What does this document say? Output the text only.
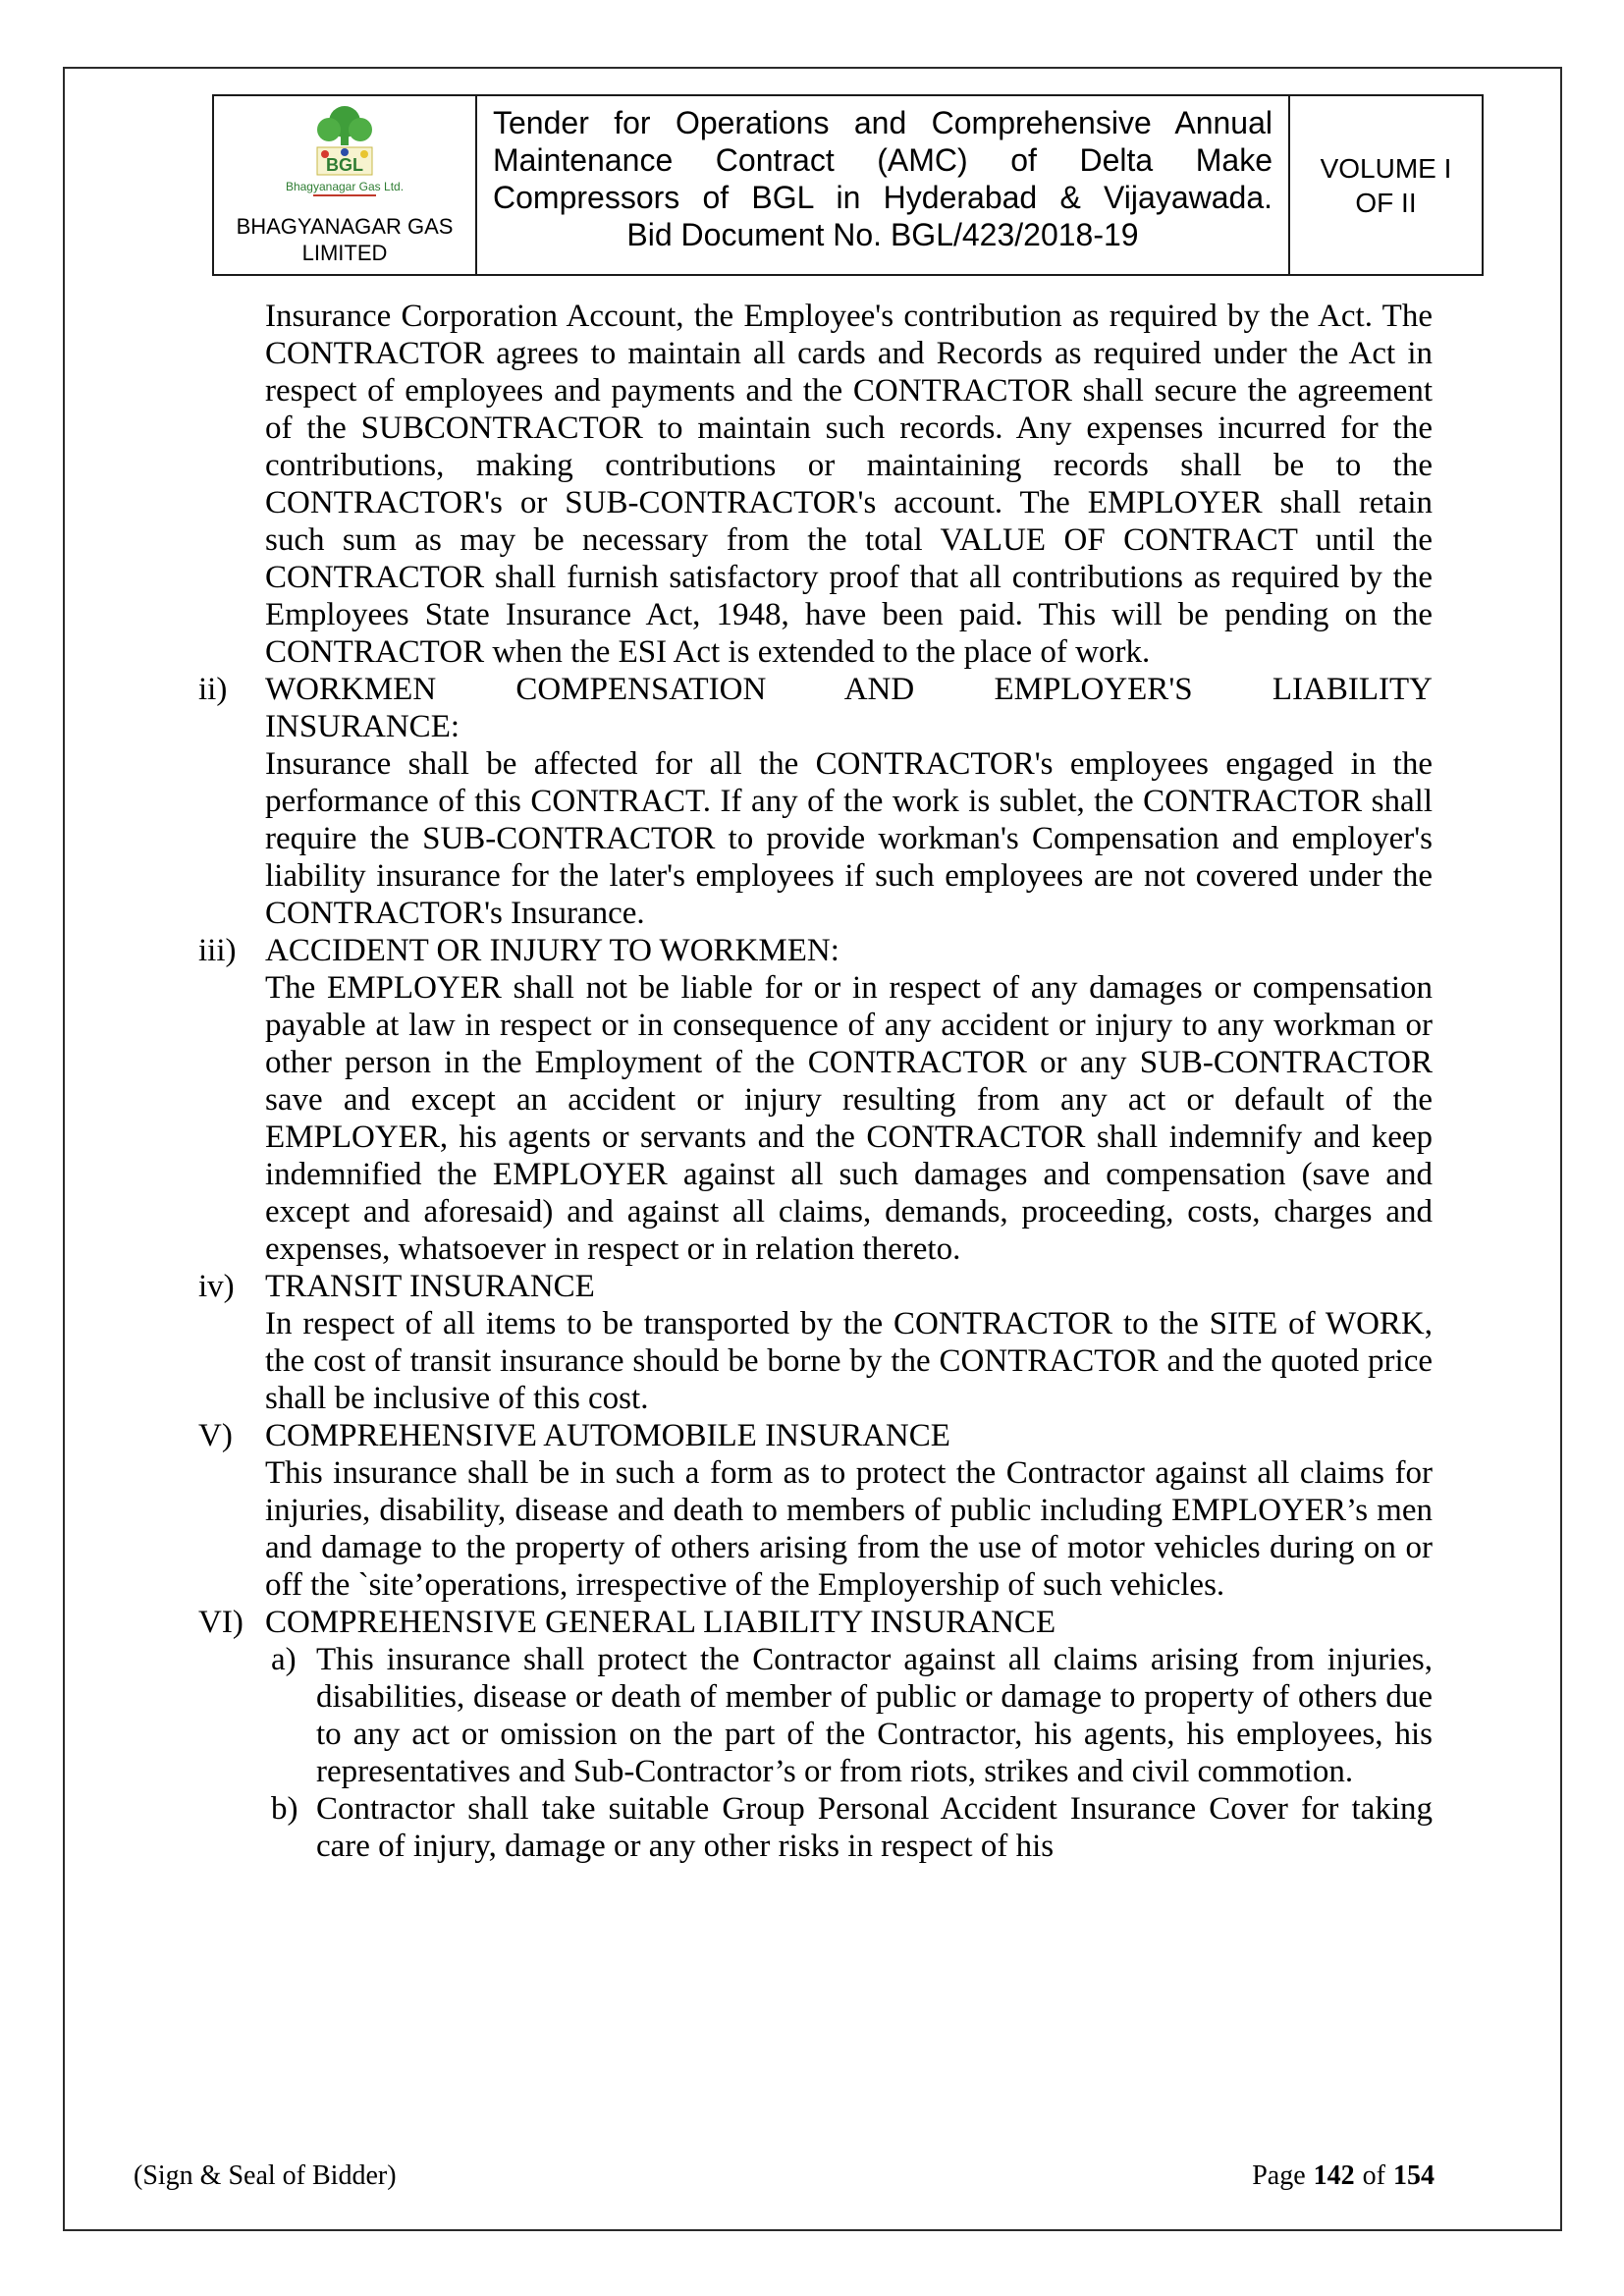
BGL
Bhagyanagar Gas Ltd.
BHAGYANAGAR GAS LIMITED
Tender for Operations and Comprehensive Annual Maintenance Contract (AMC) of Delta Make Compressors of BGL in Hyderabad & Vijayawada.
Bid Document No. BGL/423/2018-19
VOLUME I
OF II

Insurance Corporation Account, the Employee's contribution as required by the Act. The CONTRACTOR agrees to maintain all cards and Records as required under the Act in respect of employees and payments and the CONTRACTOR shall secure the agreement of the SUBCONTRACTOR to maintain such records. Any expenses incurred for the contributions, making contributions or maintaining records shall be to the CONTRACTOR's or SUB-CONTRACTOR's account. The EMPLOYER shall retain such sum as may be necessary from the total VALUE OF CONTRACT until the CONTRACTOR shall furnish satisfactory proof that all contributions as required by the Employees State Insurance Act, 1948, have been paid. This will be pending on the CONTRACTOR when the ESI Act is extended to the place of work.

ii)	WORKMEN COMPENSATION AND EMPLOYER'S LIABILITY
INSURANCE:

Insurance shall be affected for all the CONTRACTOR's employees engaged in the performance of this CONTRACT. If any of the work is sublet, the CONTRACTOR shall require the SUB-CONTRACTOR to provide workman's Compensation and employer's liability insurance for the later's employees if such employees are not covered under the CONTRACTOR's Insurance.

iii) ACCIDENT OR INJURY TO WORKMEN:

The EMPLOYER shall not be liable for or in respect of any damages or compensation payable at law in respect or in consequence of any accident or injury to any workman or other person in the Employment of the CONTRACTOR or any SUB-CONTRACTOR save and except an accident or injury resulting from any act or default of the EMPLOYER, his agents or servants and the CONTRACTOR shall indemnify and keep indemnified the EMPLOYER against all such damages and compensation (save and except and aforesaid) and against all claims, demands, proceeding, costs, charges and expenses, whatsoever in respect or in relation thereto.

iv) TRANSIT INSURANCE

In respect of all items to be transported by the CONTRACTOR to the SITE of WORK, the cost of transit insurance should be borne by the CONTRACTOR and the quoted price shall be inclusive of this cost.

V)	COMPREHENSIVE AUTOMOBILE INSURANCE

This insurance shall be in such a form as to protect the Contractor against all claims for injuries, disability, disease and death to members of public including EMPLOYER’s men and damage to the property of others arising from the use of motor vehicles during on or off the `site’operations, irrespective of the Employership of such vehicles.

VI) COMPREHENSIVE GENERAL LIABILITY INSURANCE
a) This insurance shall protect the Contractor against all claims arising from injuries, disabilities, disease or death of member of public or damage to property of others due to any act or omission on the part of the Contractor, his agents, his employees, his representatives and Sub-Contractor’s or from riots, strikes and civil commotion.

b) Contractor shall take suitable Group Personal Accident Insurance Cover for taking care of injury, damage or any other risks in respect of his

(Sign & Seal of Bidder)	Page 142 of 154
